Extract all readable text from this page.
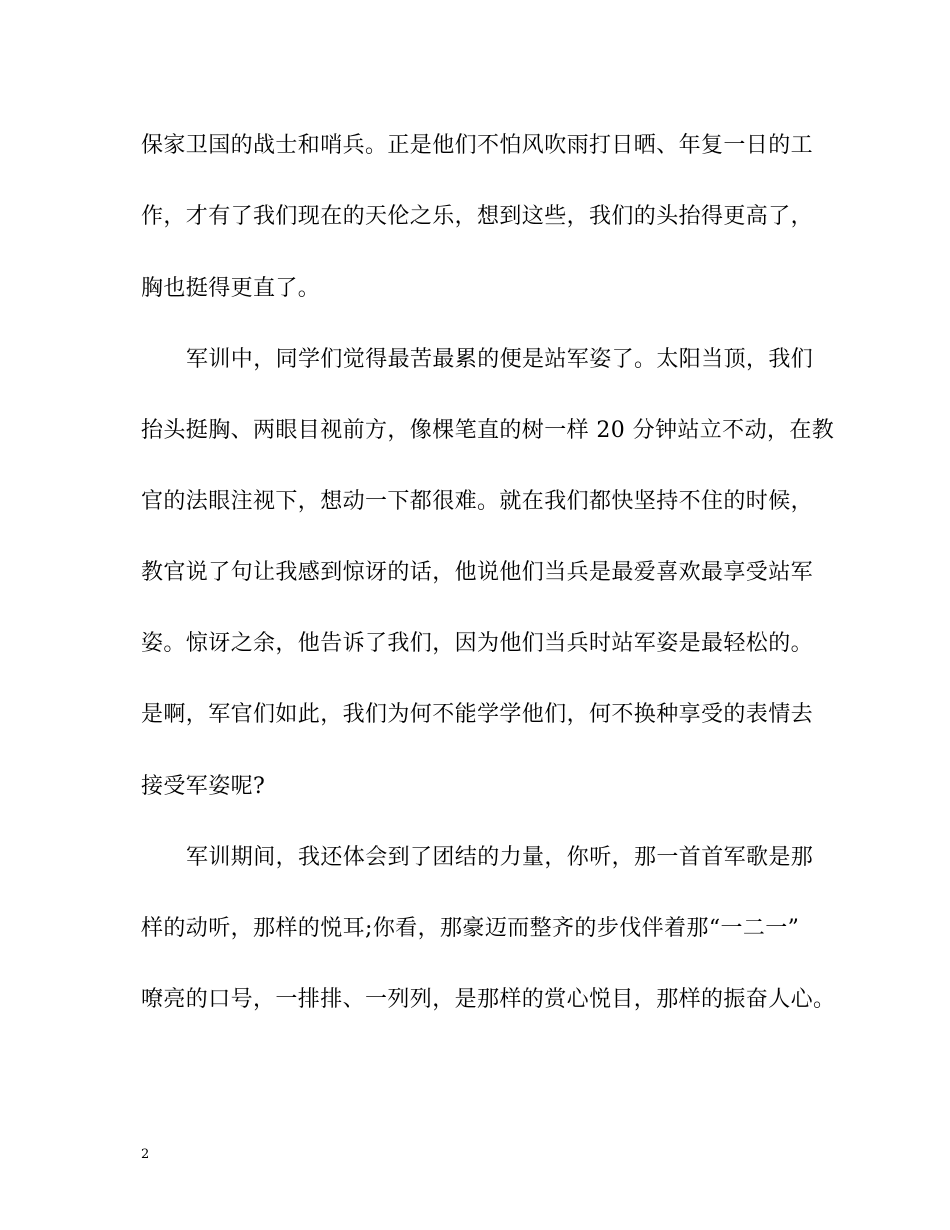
保家卫国的战士和哨兵。正是他们不怕风吹雨打日晒、年复一日的工
作，才有了我们现在的天伦之乐，想到这些，我们的头抬得更高了，
胸也挺得更直了。
军训中，同学们觉得最苦最累的便是站军姿了。太阳当顶，我们
抬头挺胸、两眼目视前方，像棵笔直的树一样 20 分钟站立不动，在教
官的法眼注视下，想动一下都很难。就在我们都快坚持不住的时候，
教官说了句让我感到惊讶的话，他说他们当兵是最爱喜欢最享受站军
姿。惊讶之余，他告诉了我们，因为他们当兵时站军姿是最轻松的。
是啊，军官们如此，我们为何不能学学他们，何不换种享受的表情去
接受军姿呢?
军训期间，我还体会到了团结的力量，你听，那一首首军歌是那
样的动听，那样的悦耳;你看，那豪迈而整齐的步伐伴着那“一二一”
嘹亮的口号，一排排、一列列，是那样的赏心悦目，那样的振奋人心。
2
